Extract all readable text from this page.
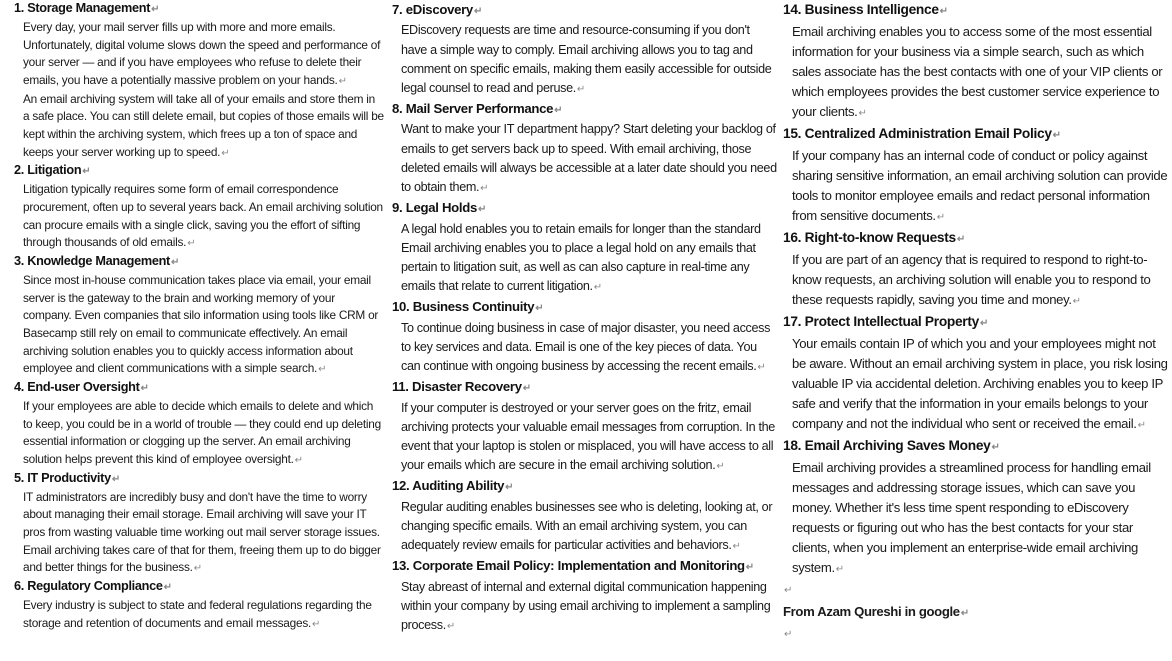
1. Storage Management↵

Every day, your mail server fills up with more and more emails. Unfortunately, digital volume slows down the speed and performance of your server — and if you have employees who refuse to delete their emails, you have a potentially massive problem on your hands.↵

An email archiving system will take all of your emails and store them in a safe place. You can still delete email, but copies of those emails will be kept within the archiving system, which frees up a ton of space and keeps your server working up to speed.↵

2. Litigation↵

Litigation typically requires some form of email correspondence procurement, often up to several years back. An email archiving solution can procure emails with a single click, saving you the effort of sifting through thousands of old emails.↵

3. Knowledge Management↵

Since most in-house communication takes place via email, your email server is the gateway to the brain and working memory of your company. Even companies that silo information using tools like CRM or Basecamp still rely on email to communicate effectively. An email archiving solution enables you to quickly access information about employee and client communications with a simple search.↵

4. End-user Oversight↵

If your employees are able to decide which emails to delete and which to keep, you could be in a world of trouble — they could end up deleting essential information or clogging up the server. An email archiving solution helps prevent this kind of employee oversight.↵

5. IT Productivity↵

IT administrators are incredibly busy and don't have the time to worry about managing their email storage. Email archiving will save your IT pros from wasting valuable time working out mail server storage issues. Email archiving takes care of that for them, freeing them up to do bigger and better things for the business.↵

6. Regulatory Compliance↵

Every industry is subject to state and federal regulations regarding the storage and retention of documents and email messages.↵

7. eDiscovery↵

EDiscovery requests are time and resource-consuming if you don't have a simple way to comply. Email archiving allows you to tag and comment on specific emails, making them easily accessible for outside legal counsel to read and peruse.↵

8. Mail Server Performance↵

Want to make your IT department happy? Start deleting your backlog of emails to get servers back up to speed. With email archiving, those deleted emails will always be accessible at a later date should you need to obtain them.↵

9. Legal Holds↵

A legal hold enables you to retain emails for longer than the standard Email archiving enables you to place a legal hold on any emails that pertain to litigation suit, as well as can also capture in real-time any emails that relate to current litigation.↵

10. Business Continuity↵

To continue doing business in case of major disaster, you need access to key services and data. Email is one of the key pieces of data. You can continue with ongoing business by accessing the recent emails.↵

11. Disaster Recovery↵

If your computer is destroyed or your server goes on the fritz, email archiving protects your valuable email messages from corruption. In the event that your laptop is stolen or misplaced, you will have access to all your emails which are secure in the email archiving solution.↵

12. Auditing Ability↵

Regular auditing enables businesses see who is deleting, looking at, or changing specific emails. With an email archiving system, you can adequately review emails for particular activities and behaviors.↵

13. Corporate Email Policy: Implementation and Monitoring↵

Stay abreast of internal and external digital communication happening within your company by using email archiving to implement a sampling process.↵

14. Business Intelligence↵

Email archiving enables you to access some of the most essential information for your business via a simple search, such as which sales associate has the best contacts with one of your VIP clients or which employees provides the best customer service experience to your clients.↵

15. Centralized Administration Email Policy↵

If your company has an internal code of conduct or policy against sharing sensitive information, an email archiving solution can provide tools to monitor employee emails and redact personal information from sensitive documents.↵

16. Right-to-know Requests↵

If you are part of an agency that is required to respond to right-to-know requests, an archiving solution will enable you to respond to these requests rapidly, saving you time and money.↵

17. Protect Intellectual Property↵

Your emails contain IP of which you and your employees might not be aware. Without an email archiving system in place, you risk losing valuable IP via accidental deletion. Archiving enables you to keep IP safe and verify that the information in your emails belongs to your company and not the individual who sent or received the email.↵

18. Email Archiving Saves Money↵

Email archiving provides a streamlined process for handling email messages and addressing storage issues, which can save you money. Whether it's less time spent responding to eDiscovery requests or figuring out who has the best contacts for your star clients, when you implement an enterprise-wide email archiving system.↵

↵

From Azam Qureshi in google↵

↵
